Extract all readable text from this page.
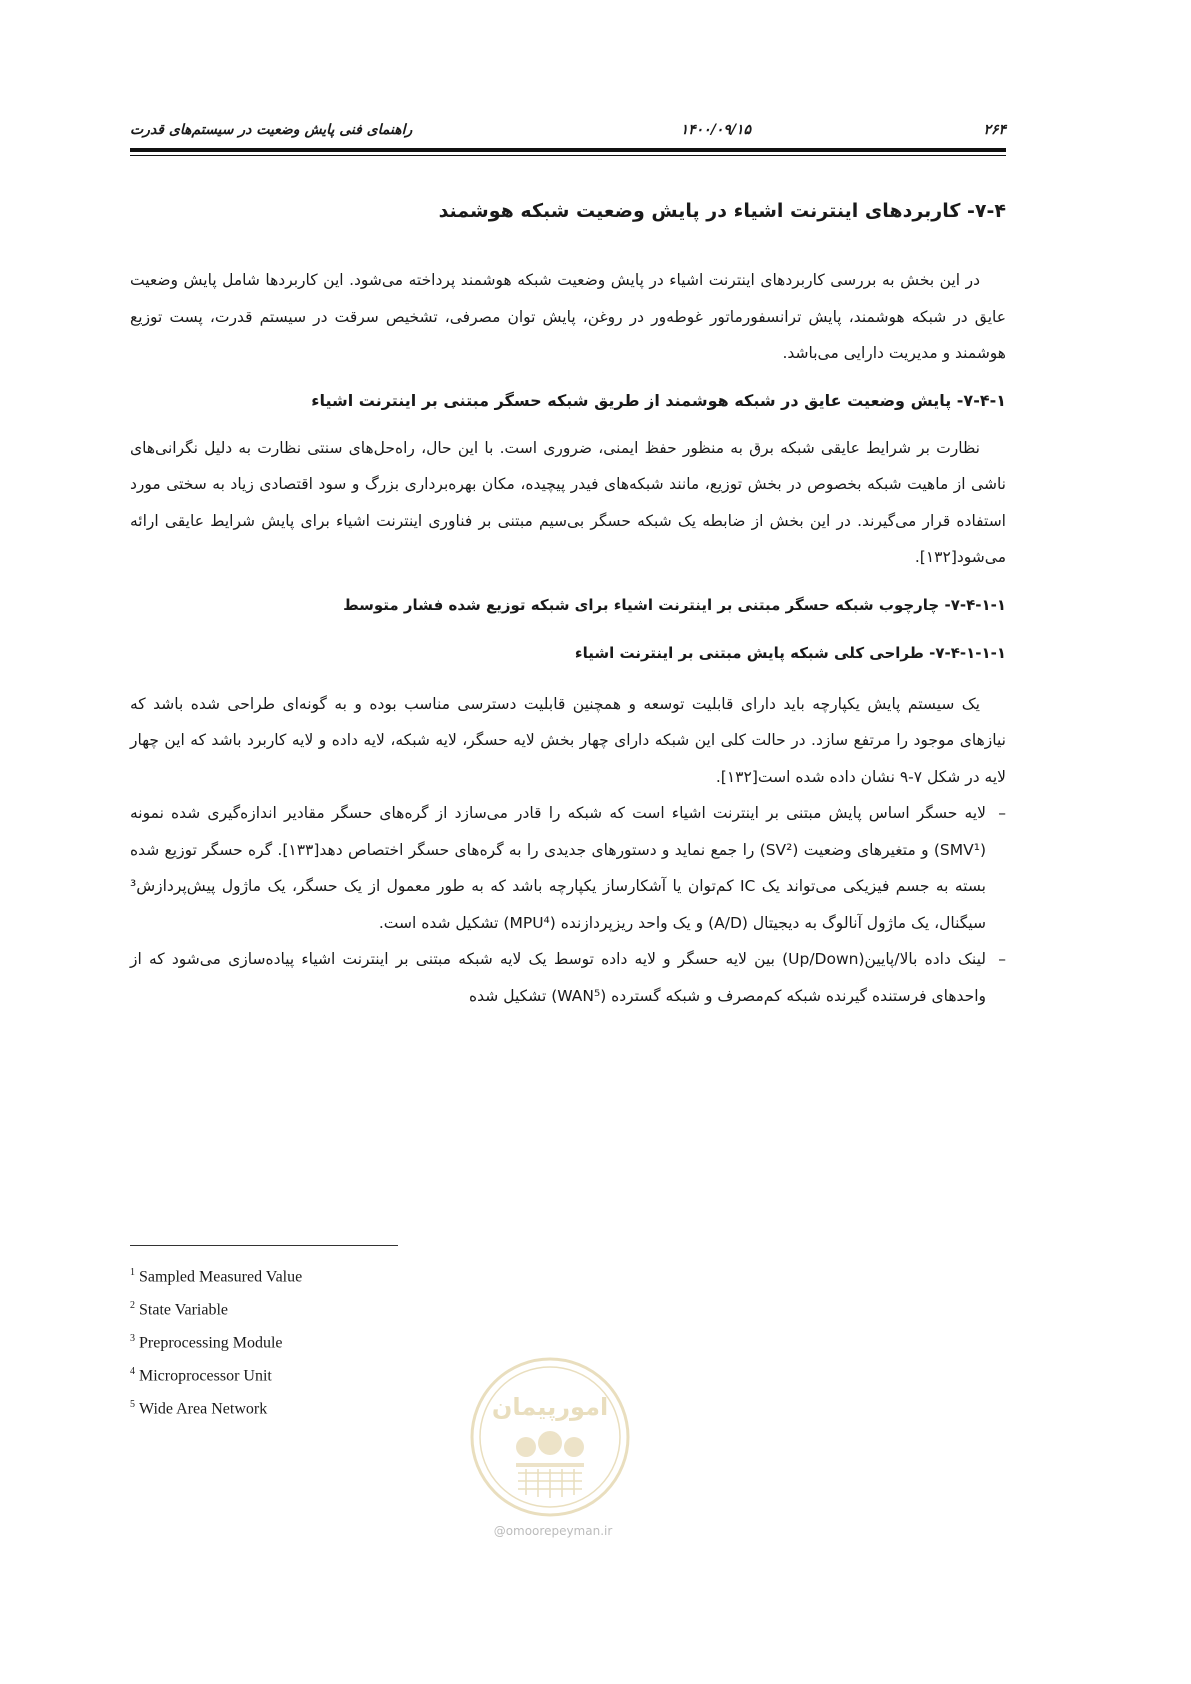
۲۶۴
۱۴۰۰/۰۹/۱۵
راهنمای فنی پایش وضعیت در سیستم‌های قدرت
۷-۴- کاربردهای اینترنت اشیاء در پایش وضعیت شبکه هوشمند

در این بخش به بررسی کاربردهای اینترنت اشیاء در پایش وضعیت شبکه هوشمند پرداخته می‌شود. این کاربردها شامل پایش وضعیت عایق در شبکه هوشمند، پایش ترانسفورماتور غوطه‌ور در روغن، پایش توان مصرفی، تشخیص سرقت در سیستم قدرت، پست توزیع هوشمند و مدیریت دارایی می‌باشد.

۷-۴-۱- پایش وضعیت عایق در شبکه هوشمند از طریق شبکه حسگر مبتنی بر اینترنت اشیاء

نظارت بر شرایط عایقی شبکه برق به منظور حفظ ایمنی، ضروری است. با این حال، راه‌حل‌های سنتی نظارت به دلیل نگرانی‌های ناشی از ماهیت شبکه بخصوص در بخش توزیع، مانند شبکه‌های فیدر پیچیده، مکان بهره‌برداری بزرگ و سود اقتصادی زیاد به سختی مورد استفاده قرار می‌گیرند. در این بخش از ضابطه یک شبکه حسگر بی‌سیم مبتنی بر فناوری اینترنت اشیاء برای پایش شرایط عایقی ارائه می‌شود[۱۳۲].

۷-۴-۱-۱- چارچوب شبکه حسگر مبتنی بر اینترنت اشیاء برای شبکه توزیع شده فشار متوسط
۷-۴-۱-۱-۱- طراحی کلی شبکه پایش مبتنی بر اینترنت اشیاء

یک سیستم پایش یکپارچه باید دارای قابلیت توسعه و همچنین قابلیت دسترسی مناسب بوده و به گونه‌ای طراحی شده باشد که نیازهای موجود را مرتفع سازد. در حالت کلی این شبکه دارای چهار بخش لایه حسگر، لایه شبکه، لایه داده و لایه کاربرد باشد که این چهار لایه در شکل ۷-۹ نشان داده شده است[۱۳۲].

–
لایه حسگر اساس پایش مبتنی بر اینترنت اشیاء است که شبکه را قادر می‌سازد از گره‌های حسگر مقادیر اندازه‌گیری شده نمونه (SMV¹) و متغیرهای وضعیت (SV²) را جمع نماید و دستورهای جدیدی را به گره‌های حسگر اختصاص دهد[۱۳۳]. گره حسگر توزیع شده بسته به جسم فیزیکی می‌تواند یک IC کم‌توان یا آشکارساز یکپارچه باشد که به طور معمول از یک حسگر، یک ماژول پیش‌پردازش³ سیگنال، یک ماژول آنالوگ به دیجیتال (A/D) و یک واحد ریزپردازنده (MPU⁴) تشکیل شده است.
–
لینک داده بالا/پایین(Up/Down) بین لایه حسگر و لایه داده توسط یک لایه شبکه مبتنی بر اینترنت اشیاء پیاده‌سازی می‌شود که از واحدهای فرستنده گیرنده شبکه کم‌مصرف و شبکه گسترده (WAN⁵) تشکیل شده
$^1$ Sampled Measured Value
$^2$ State Variable
$^3$ Preprocessing Module
$^4$ Microprocessor Unit
$^5$ Wide Area Network	امورپیمان
@omoorepeyman.ir
